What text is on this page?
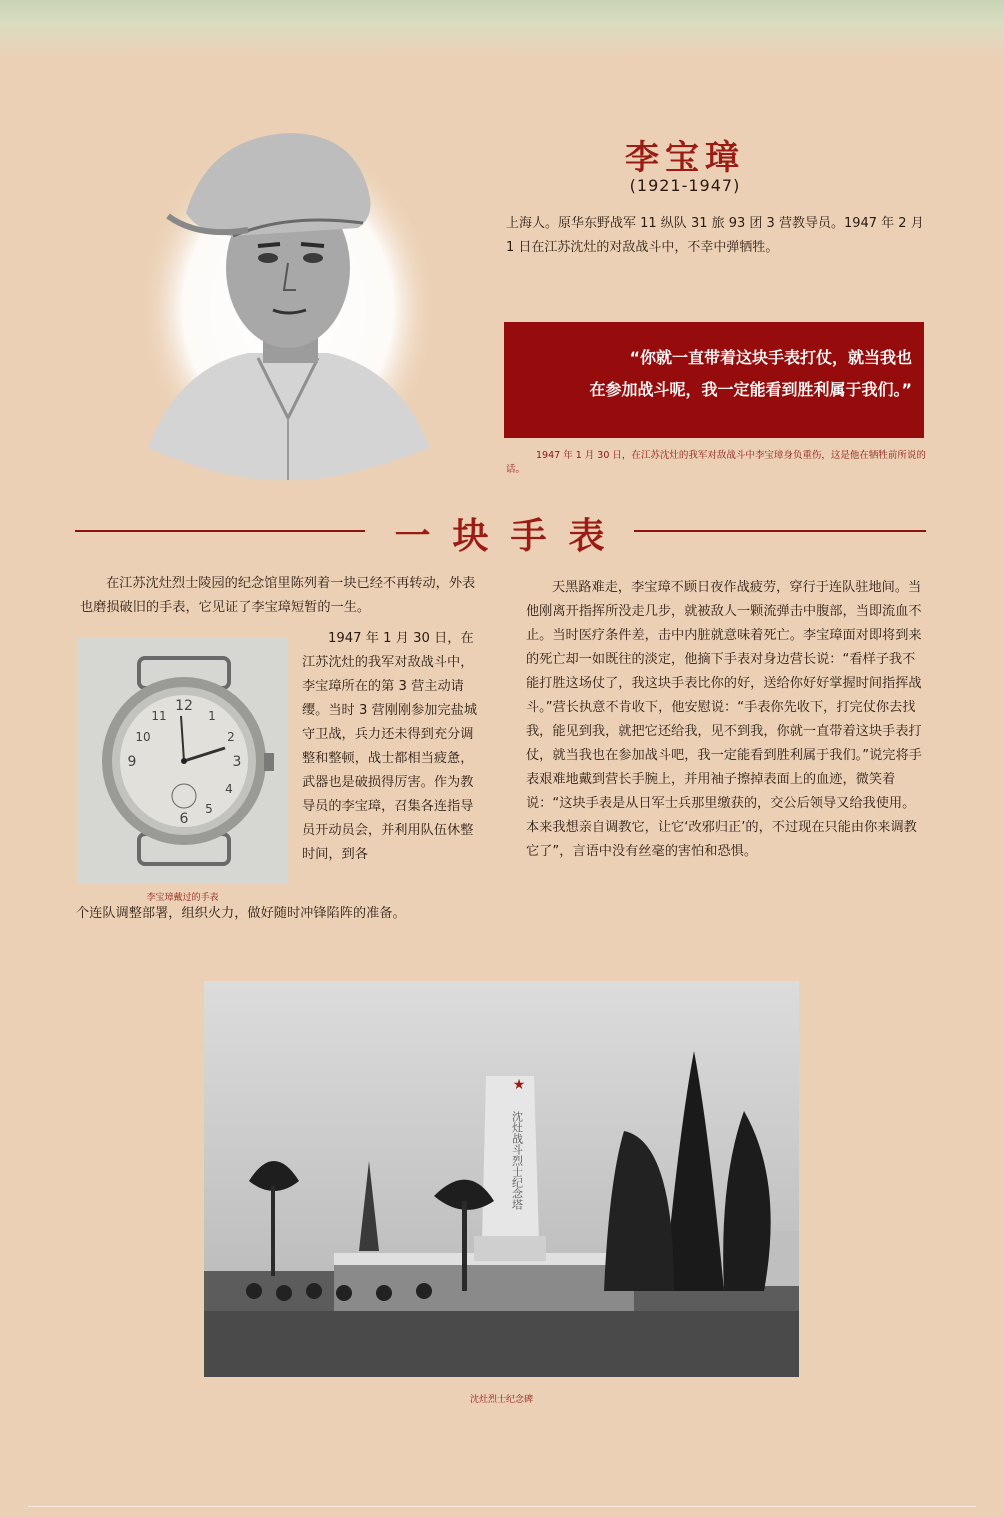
李宝璋
(1921-1947)
上海人。原华东野战军 11 纵队 31 旅 93 团 3 营教导员。1947 年 2 月 1 日在江苏沈灶的对敌战斗中，不幸中弹牺牲。
“你就一直带着这块手表打仗，就当我也
在参加战斗呢，我一定能看到胜利属于我们。”
1947 年 1 月 30 日，在江苏沈灶的我军对敌战斗中李宝璋身负重伤，这是他在牺牲前所说的话。
一块手表

在江苏沈灶烈士陵园的纪念馆里陈列着一块已经不再转动，外表也磨损破旧的手表，它见证了李宝璋短暂的一生。

12
3
6
9
1
2
4
5
10
11
李宝璋戴过的手表

1947 年 1 月 30 日，在江苏沈灶的我军对敌战斗中，李宝璋所在的第 3 营主动请缨。当时 3 营刚刚参加完盐城守卫战，兵力还未得到充分调整和整顿，战士都相当疲惫，武器也是破损得厉害。作为教导员的李宝璋，召集各连指导员开动员会，并利用队伍休整时间，到各

个连队调整部署，组织火力，做好随时冲锋陷阵的准备。

天黑路难走，李宝璋不顾日夜作战疲劳，穿行于连队驻地间。当他刚离开指挥所没走几步，就被敌人一颗流弹击中腹部，当即流血不止。当时医疗条件差，击中内脏就意味着死亡。李宝璋面对即将到来的死亡却一如既往的淡定，他摘下手表对身边营长说：“看样子我不能打胜这场仗了，我这块手表比你的好，送给你好好掌握时间指挥战斗。”营长执意不肯收下，他安慰说：“手表你先收下，打完仗你去找我，能见到我，就把它还给我，见不到我，你就一直带着这块手表打仗，就当我也在参加战斗吧，我一定能看到胜利属于我们。”说完将手表艰难地戴到营长手腕上，并用袖子擦掉表面上的血迹，微笑着说：“这块手表是从日军士兵那里缴获的，交公后领导又给我使用。本来我想亲自调教它，让它‘改邪归正’的，不过现在只能由你来调教它了”，言语中没有丝毫的害怕和恐惧。

★
沈灶战斗烈士纪念塔
沈灶烈士纪念碑
